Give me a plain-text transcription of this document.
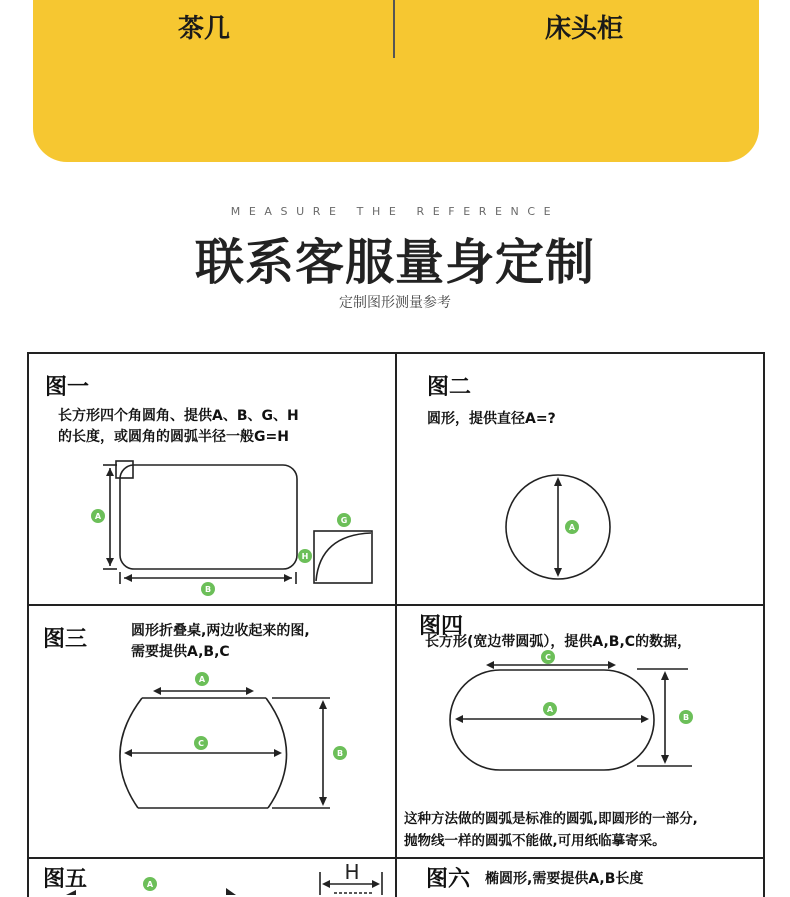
茶几	床头柜
MEASURE THE REFERENCE
联系客服量身定制
定制图形测量参考
图一
长方形四个角圆角、提供A、B、G、H
的长度，或圆角的圆弧半径一般G=H
A
B
G
H
图二
圆形，提供直径A=?
A
图三	圆形折叠桌,两边收起来的图,
需要提供A,B,C
A
C
B
图四
长方形(宽边带圆弧），提供A,B,C的数据，
C
A
B
这种方法做的圆弧是标准的圆弧,即圆形的一部分,
抛物线一样的圆弧不能做,可用纸临摹寄采。
图五	A
H	图六 椭圆形,需要提供A,B长度
